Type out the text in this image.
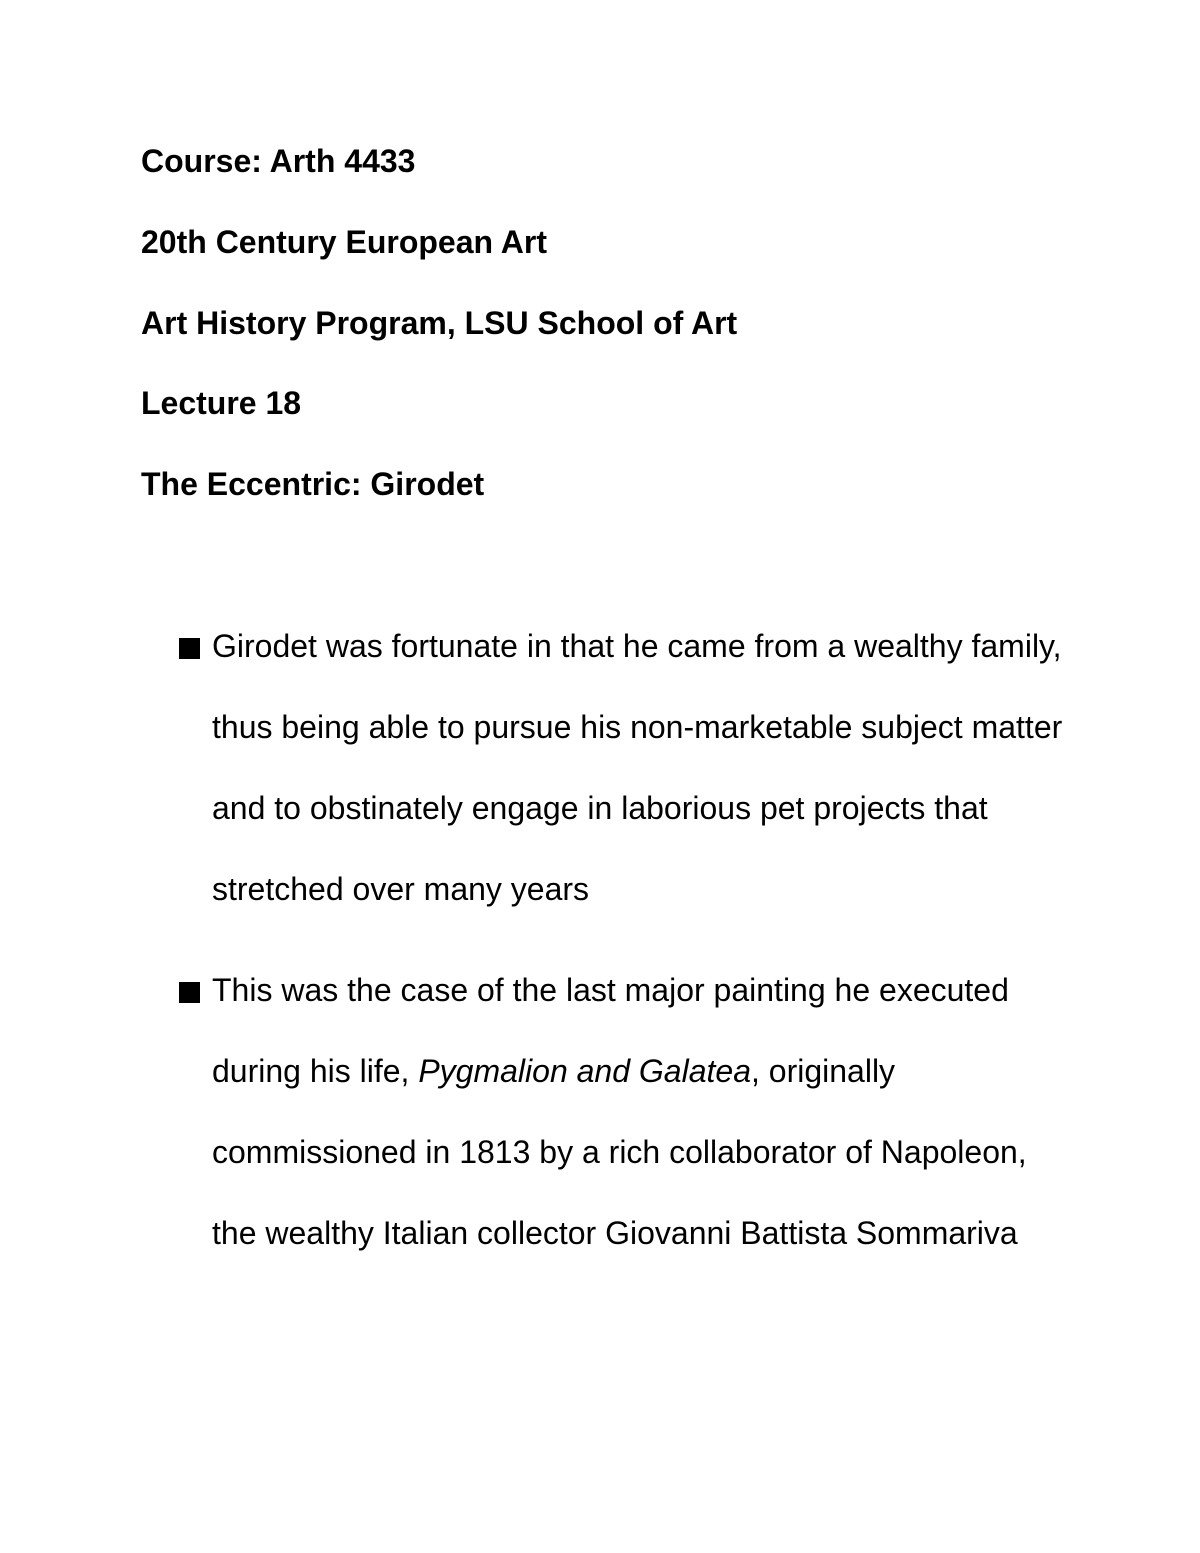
Course: Arth 4433
20th Century European Art
Art History Program, LSU School of Art
Lecture 18
The Eccentric: Girodet
Girodet was fortunate in that he came from a wealthy family, thus being able to pursue his non-marketable subject matter and to obstinately engage in laborious pet projects that stretched over many years
This was the case of the last major painting he executed during his life, Pygmalion and Galatea, originally commissioned in 1813 by a rich collaborator of Napoleon, the wealthy Italian collector Giovanni Battista Sommariva
